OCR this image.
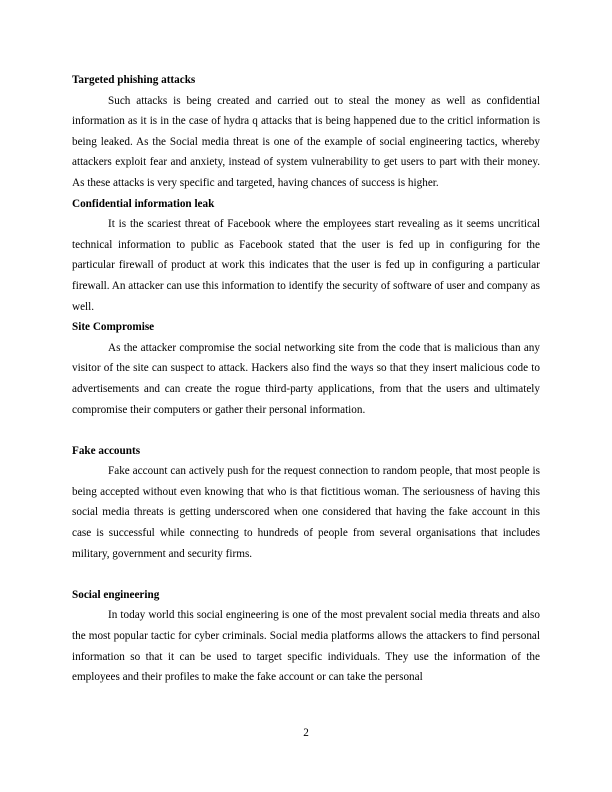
Targeted phishing attacks

Such attacks is being created and carried out to steal the money as well as confidential information as it is in the case of hydra q attacks that is being happened due to the criticl information is being leaked. As the Social media threat is one of the example of social engineering tactics, whereby attackers exploit fear and anxiety, instead of system vulnerability to get users to part with their money. As these attacks is very specific and targeted, having chances of success is higher.

Confidential information leak

It is the scariest threat of Facebook where the employees start revealing as it seems uncritical technical information to public as Facebook stated that the user is fed up in configuring for the particular firewall of product at work this indicates that the user is fed up in configuring a particular firewall. An attacker can use this information to identify the security of software of user and company as well.

Site Compromise

As the attacker compromise the social networking site from the code that is malicious than any visitor of the site can suspect to attack. Hackers also find the ways so that they insert malicious code to advertisements and can create the rogue third-party applications, from that the users and ultimately compromise their computers or gather their personal information.

Fake accounts

Fake account can actively push for the request connection to random people, that most people is being accepted without even knowing that who is that fictitious woman. The seriousness of having this social media threats is getting underscored when one considered that having the fake account in this case is successful while connecting to hundreds of people from several organisations that includes military, government and security firms.

Social engineering

In today world this social engineering is one of the most prevalent social media threats and also the most popular tactic for cyber criminals. Social media platforms allows the attackers to find personal information so that it can be used to target specific individuals. They use the information of the employees and their profiles to make the fake account or can take the personal

2
